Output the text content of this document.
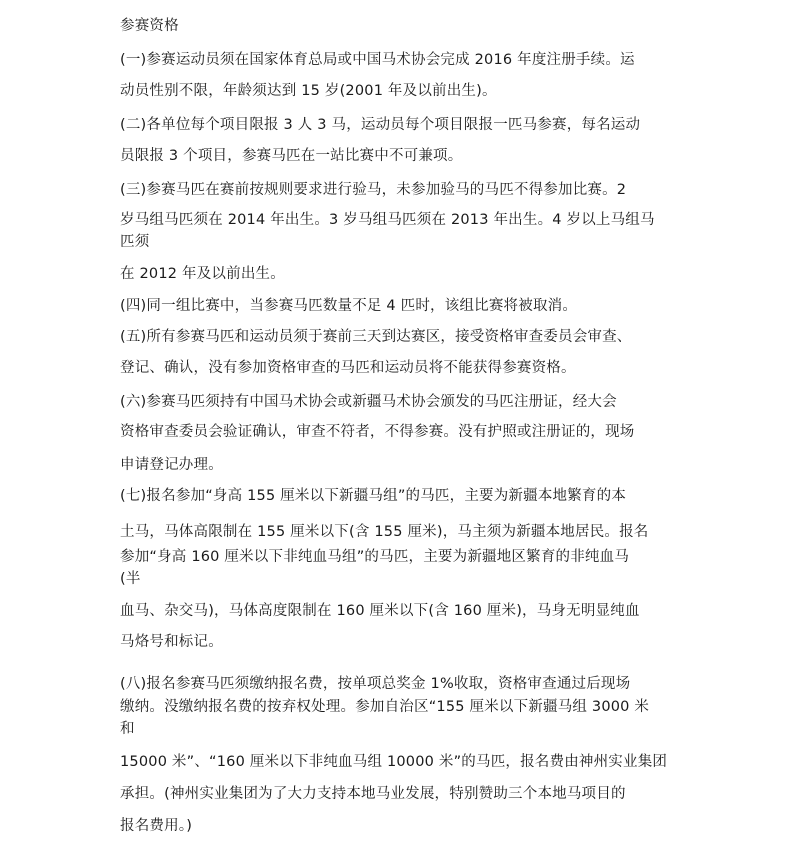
参赛资格
(一)参赛运动员须在国家体育总局或中国马术协会完成 2016 年度注册手续。运
动员性别不限，年龄须达到 15 岁(2001 年及以前出生)。
(二)各单位每个项目限报 3 人 3 马，运动员每个项目限报一匹马参赛，每名运动
员限报 3 个项目，参赛马匹在一站比赛中不可兼项。
(三)参赛马匹在赛前按规则要求进行验马，未参加验马的马匹不得参加比赛。2
岁马组马匹须在 2014 年出生。3 岁马组马匹须在 2013 年出生。4 岁以上马组马
匹须
在 2012 年及以前出生。
(四)同一组比赛中，当参赛马匹数量不足 4 匹时，该组比赛将被取消。
(五)所有参赛马匹和运动员须于赛前三天到达赛区，接受资格审查委员会审查、
登记、确认，没有参加资格审查的马匹和运动员将不能获得参赛资格。
(六)参赛马匹须持有中国马术协会或新疆马术协会颁发的马匹注册证，经大会
资格审查委员会验证确认，审查不符者，不得参赛。没有护照或注册证的，现场
申请登记办理。
(七)报名参加“身高 155 厘米以下新疆马组”的马匹，主要为新疆本地繁育的本
土马，马体高限制在 155 厘米以下(含 155 厘米)，马主须为新疆本地居民。报名
参加“身高 160 厘米以下非纯血马组”的马匹，主要为新疆地区繁育的非纯血马
(半
血马、杂交马)，马体高度限制在 160 厘米以下(含 160 厘米)，马身无明显纯血
马烙号和标记。
(八)报名参赛马匹须缴纳报名费，按单项总奖金 1%收取，资格审查通过后现场
缴纳。没缴纳报名费的按弃权处理。参加自治区“155 厘米以下新疆马组 3000 米
和
15000 米”、“160 厘米以下非纯血马组 10000 米”的马匹，报名费由神州实业集团
承担。(神州实业集团为了大力支持本地马业发展，特别赞助三个本地马项目的
报名费用。)
